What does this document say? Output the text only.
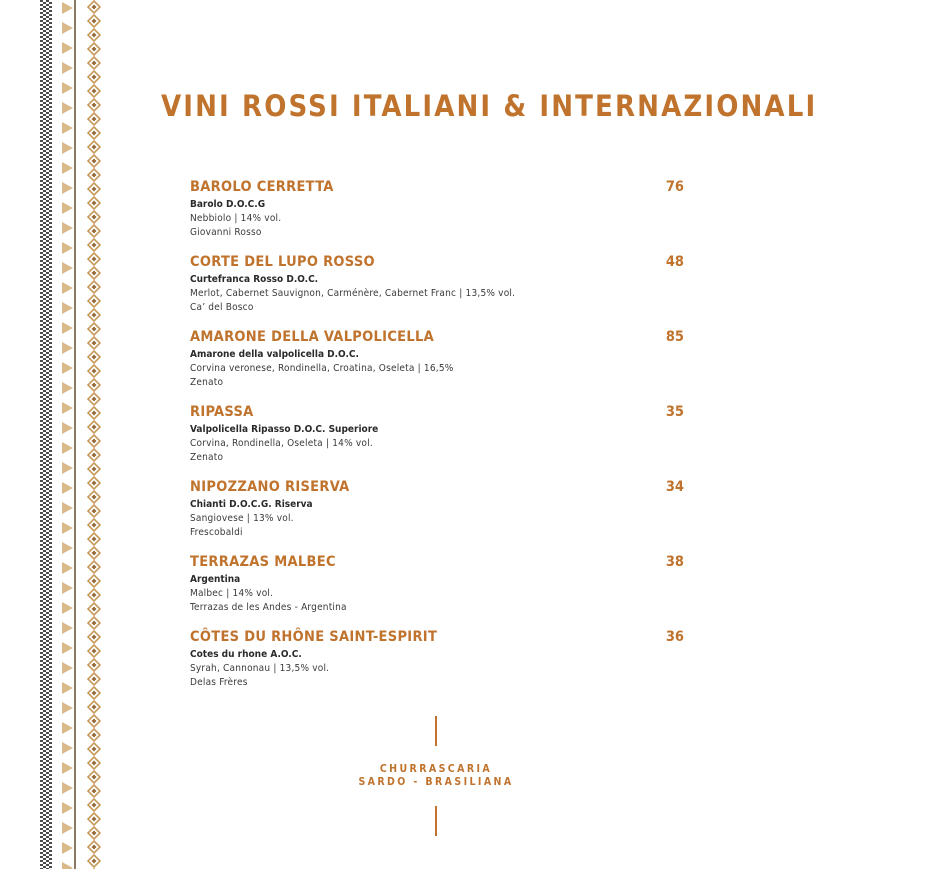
VINI ROSSI ITALIANI & INTERNAZIONALI
BAROLO CERRETTA	76
Barolo D.O.C.G
Nebbiolo | 14% vol.
Giovanni Rosso
CORTE DEL LUPO ROSSO	48
Curtefranca Rosso D.O.C.
Merlot, Cabernet Sauvignon, Carménère, Cabernet Franc | 13,5% vol.
Ca’ del Bosco
AMARONE DELLA VALPOLICELLA	85
Amarone della valpolicella D.O.C.
Corvina veronese, Rondinella, Croatina, Oseleta | 16,5%
Zenato
RIPASSA	35
Valpolicella Ripasso D.O.C. Superiore
Corvina, Rondinella, Oseleta | 14% vol.
Zenato
NIPOZZANO RISERVA	34
Chianti D.O.C.G. Riserva
Sangiovese | 13% vol.
Frescobaldi
TERRAZAS MALBEC	38
Argentina
Malbec | 14% vol.
Terrazas de les Andes - Argentina
CÔTES DU RHÔNE SAINT-ESPIRIT	36
Cotes du rhone A.O.C.
Syrah, Cannonau | 13,5% vol.
Delas Frères
CHURRASCARIA
SARDO - BRASILIANA
